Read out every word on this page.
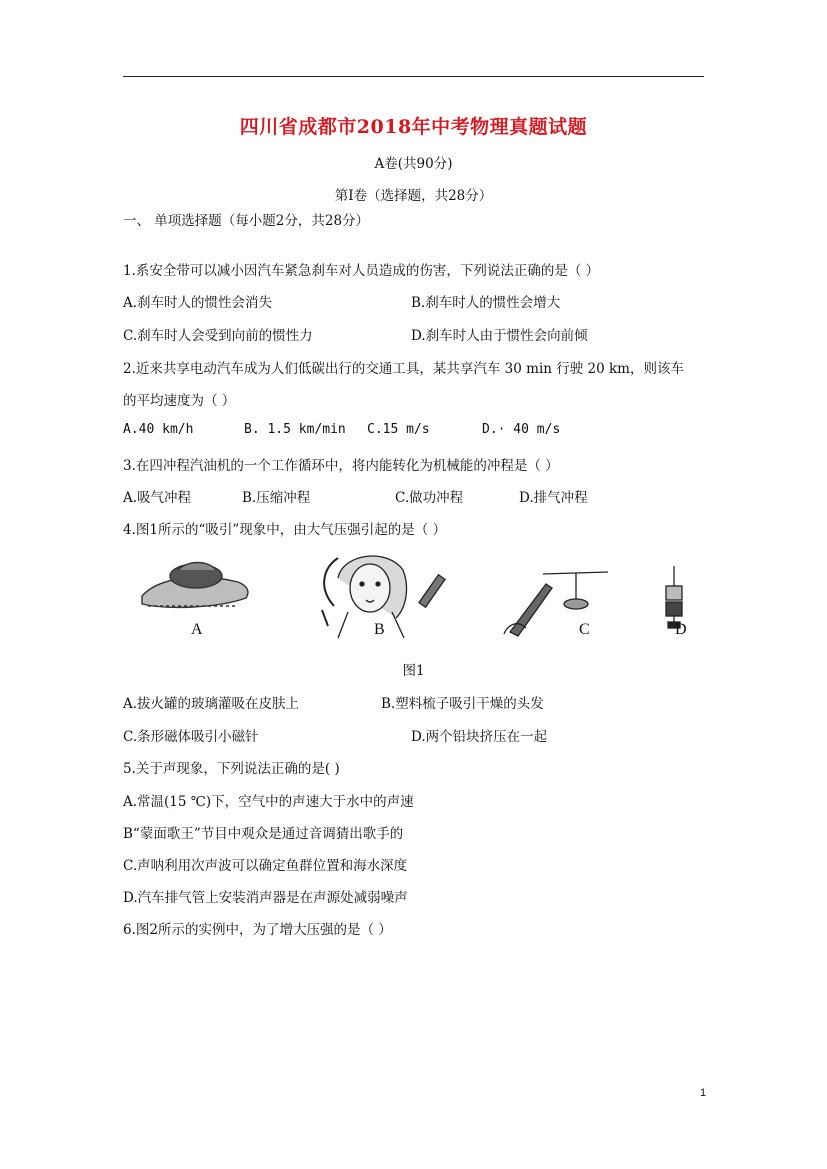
四川省成都市2018年中考物理真题试题
A卷(共90分)
第Ⅰ卷（选择题，共28分）
一、 单项选择题（每小题2分，共28分）
1.系安全带可以减小因汽车紧急刹车对人员造成的伤害，下列说法正确的是（ ）
A.刹车时人的惯性会消失	B.刹车时人的惯性会增大
C.刹车时人会受到向前的惯性力	D.刹车时人由于惯性会向前倾
2.近来共享电动汽车成为人们低碳出行的交通工具，某共享汽车 30 min 行驶 20 km，则该车
的平均速度为（ ）
A.40 km/h	B. 1.5 km/min C.15 m/s	D.· 40 m/s
3.在四冲程汽油机的一个工作循环中，将内能转化为机械能的冲程是（ ）
A.吸气冲程	B.压缩冲程	C.做功冲程	D.排气冲程
4.图1所示的“吸引”现象中，由大气压强引起的是（ ）
A	B	C	D
图1
A.拔火罐的玻璃灌吸在皮肤上	B.塑料梳子吸引干燥的头发
C.条形磁体吸引小磁针	D.两个铅块挤压在一起
5.关于声现象，下列说法正确的是( )
A.常温(15 ℃)下，空气中的声速大于水中的声速
B“蒙面歌王”节目中观众是通过音调猜出歌手的
C.声呐利用次声波可以确定鱼群位置和海水深度
D.汽车排气管上安装消声器是在声源处减弱噪声
6.图2所示的实例中，为了增大压强的是（ ）
1
